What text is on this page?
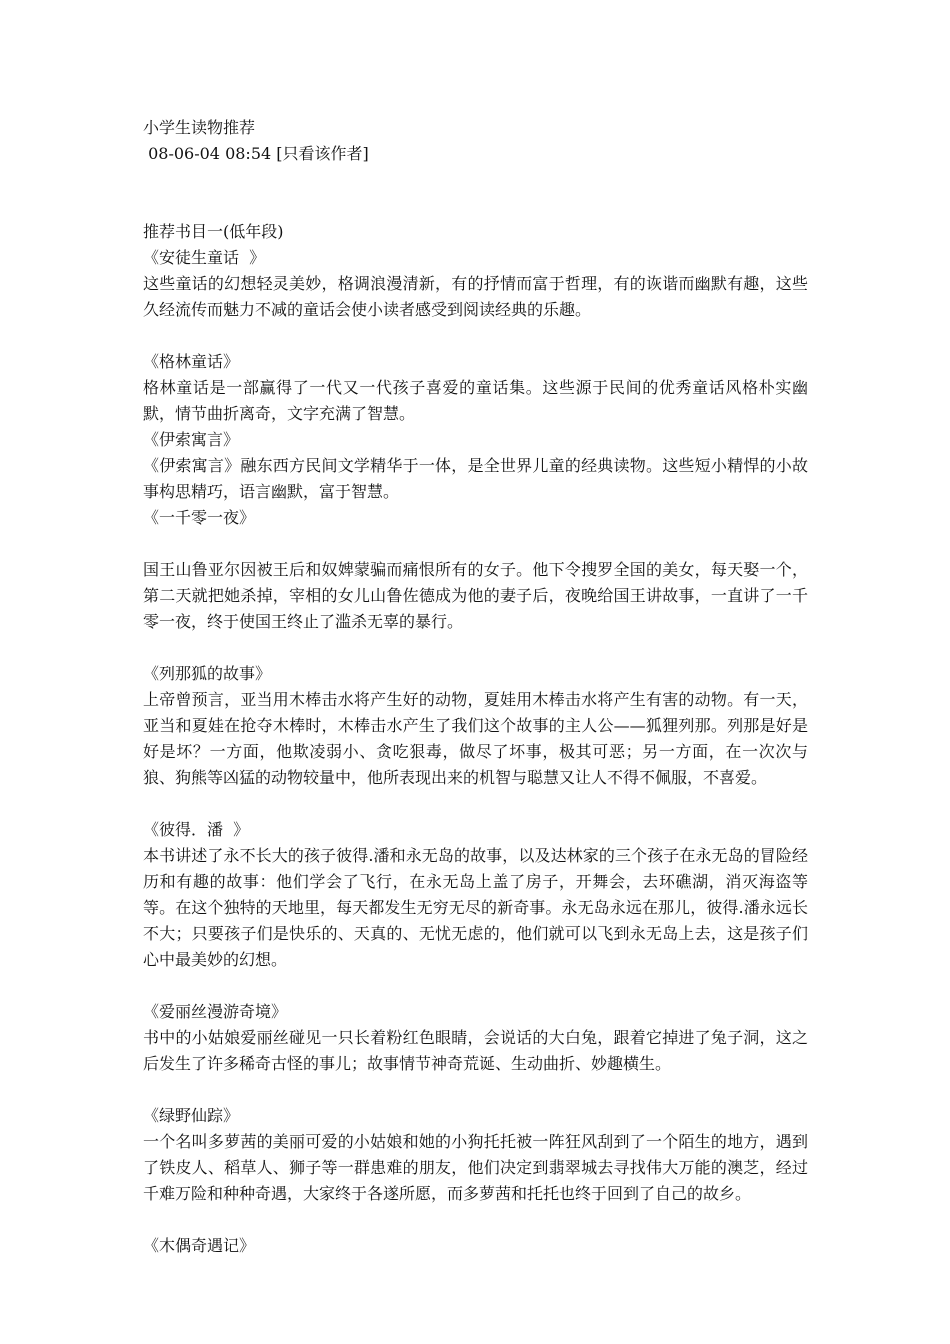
小学生读物推荐
08-06-04 08:54 [只看该作者]
推荐书目一(低年段)
《安徒生童话  》
这些童话的幻想轻灵美妙，格调浪漫清新，有的抒情而富于哲理，有的诙谐而幽默有趣，这些久经流传而魅力不减的童话会使小读者感受到阅读经典的乐趣。
《格林童话》
格林童话是一部赢得了一代又一代孩子喜爱的童话集。这些源于民间的优秀童话风格朴实幽默，情节曲折离奇，文字充满了智慧。
《伊索寓言》
《伊索寓言》融东西方民间文学精华于一体，是全世界儿童的经典读物。这些短小精悍的小故事构思精巧，语言幽默，富于智慧。
《一千零一夜》
国王山鲁亚尔因被王后和奴婢蒙骗而痛恨所有的女子。他下令搜罗全国的美女，每天娶一个，第二天就把她杀掉，宰相的女儿山鲁佐德成为他的妻子后，夜晚给国王讲故事，一直讲了一千零一夜，终于使国王终止了滥杀无辜的暴行。
《列那狐的故事》
上帝曾预言，亚当用木棒击水将产生好的动物，夏娃用木棒击水将产生有害的动物。有一天，亚当和夏娃在抢夺木棒时，木棒击水产生了我们这个故事的主人公——狐狸列那。列那是好是好是坏？一方面，他欺凌弱小、贪吃狠毒，做尽了坏事，极其可恶；另一方面，在一次次与狼、狗熊等凶猛的动物较量中，他所表现出来的机智与聪慧又让人不得不佩服，不喜爱。
《彼得．潘  》
本书讲述了永不长大的孩子彼得.潘和永无岛的故事，以及达林家的三个孩子在永无岛的冒险经历和有趣的故事：他们学会了飞行，在永无岛上盖了房子，开舞会，去环礁湖，消灭海盗等等。在这个独特的天地里，每天都发生无穷无尽的新奇事。永无岛永远在那儿，彼得.潘永远长不大；只要孩子们是快乐的、天真的、无忧无虑的，他们就可以飞到永无岛上去，这是孩子们心中最美妙的幻想。
《爱丽丝漫游奇境》
书中的小姑娘爱丽丝碰见一只长着粉红色眼睛，会说话的大白兔，跟着它掉进了兔子洞，这之后发生了许多稀奇古怪的事儿；故事情节神奇荒诞、生动曲折、妙趣横生。
《绿野仙踪》
一个名叫多萝茜的美丽可爱的小姑娘和她的小狗托托被一阵狂风刮到了一个陌生的地方，遇到了铁皮人、稻草人、狮子等一群患难的朋友，他们决定到翡翠城去寻找伟大万能的澳芝，经过千难万险和种种奇遇，大家终于各遂所愿，而多萝茜和托托也终于回到了自己的故乡。
《木偶奇遇记》
